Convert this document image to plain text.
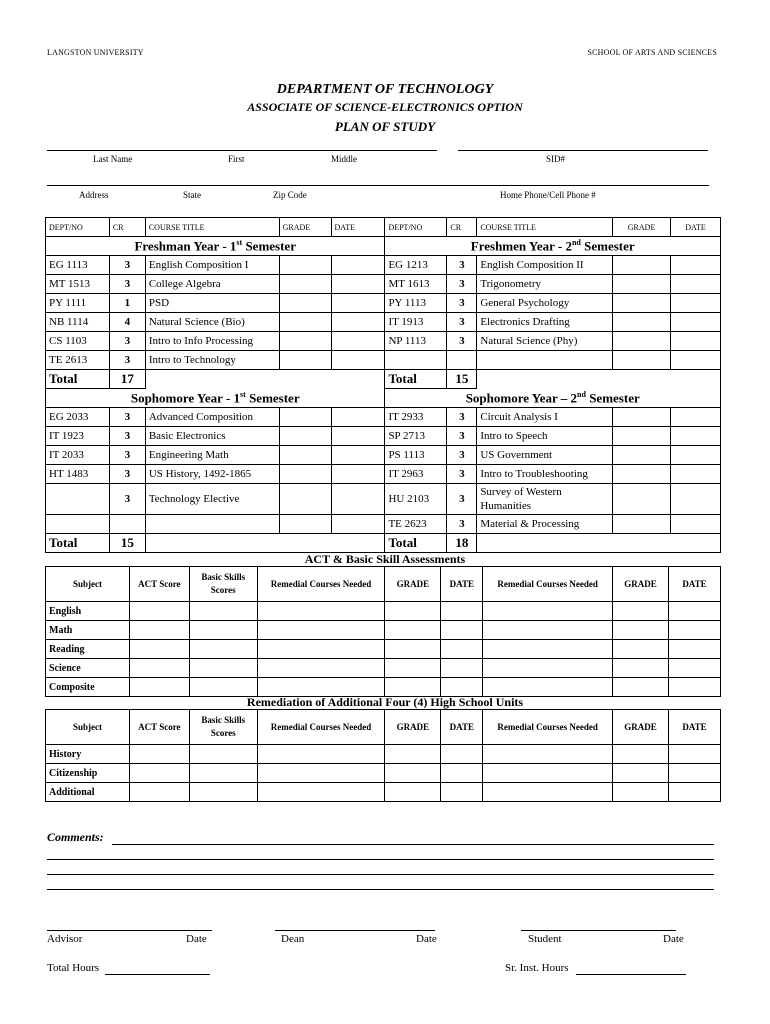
LANGSTON UNIVERSITY	SCHOOL OF ARTS AND SCIENCES
DEPARTMENT OF TECHNOLOGY
ASSOCIATE OF SCIENCE-ELECTRONICS OPTION
PLAN OF STUDY
Last Name	First	Middle	SID#
Address	State	Zip Code	Home Phone/Cell Phone #
DEPT/NO	CR	COURSE TITLE	GRADE	DATE	DEPT/NO	CR	COURSE TITLE	GRADE	DATE
Freshman Year - 1st Semester					Freshmen Year - 2nd Semester				
EG 1113	3	English Composition I			EG 1213	3	English Composition II		
MT 1513	3	College Algebra			MT 1613	3	Trigonometry		
PY 1111	1	PSD			PY 1113	3	General Psychology		
NB 1114	4	Natural Science (Bio)			IT 1913	3	Electronics Drafting		
CS 1103	3	Intro to Info Processing			NP 1113	3	Natural Science (Phy)		
TE 2613	3	Intro to Technology							
Total	17				Total	15			
Sophomore Year - 1st Semester					Sophomore Year – 2nd Semester				
EG 2033	3	Advanced Composition			IT 2933	3	Circuit Analysis I		
IT 1923	3	Basic Electronics			SP 2713	3	Intro to Speech		
IT 2033	3	Engineering Math			PS 1113	3	US Government		
HT 1483	3	US History, 1492-1865			IT 2963	3	Intro to Troubleshooting		
	3	Technology Elective			HU 2103	3	Survey of Western Humanities		
					TE 2623	3	Material & Processing		
Total	15				Total	18			
ACT & Basic Skill Assessments
Subject	ACT Score	Basic Skills Scores	Remedial Courses Needed	GRADE	DATE	Remedial Courses Needed	GRADE	DATE
English								
Math								
Reading								
Science								
Composite								
Remediation of Additional Four (4) High School Units
Subject	ACT Score	Basic Skills Scores	Remedial Courses Needed	GRADE	DATE	Remedial Courses Needed	GRADE	DATE
History								
Citizenship								
Additional								
Comments:
Advisor	Date	Dean	Date	Student	Date
Total Hours	Sr. Inst. Hours
